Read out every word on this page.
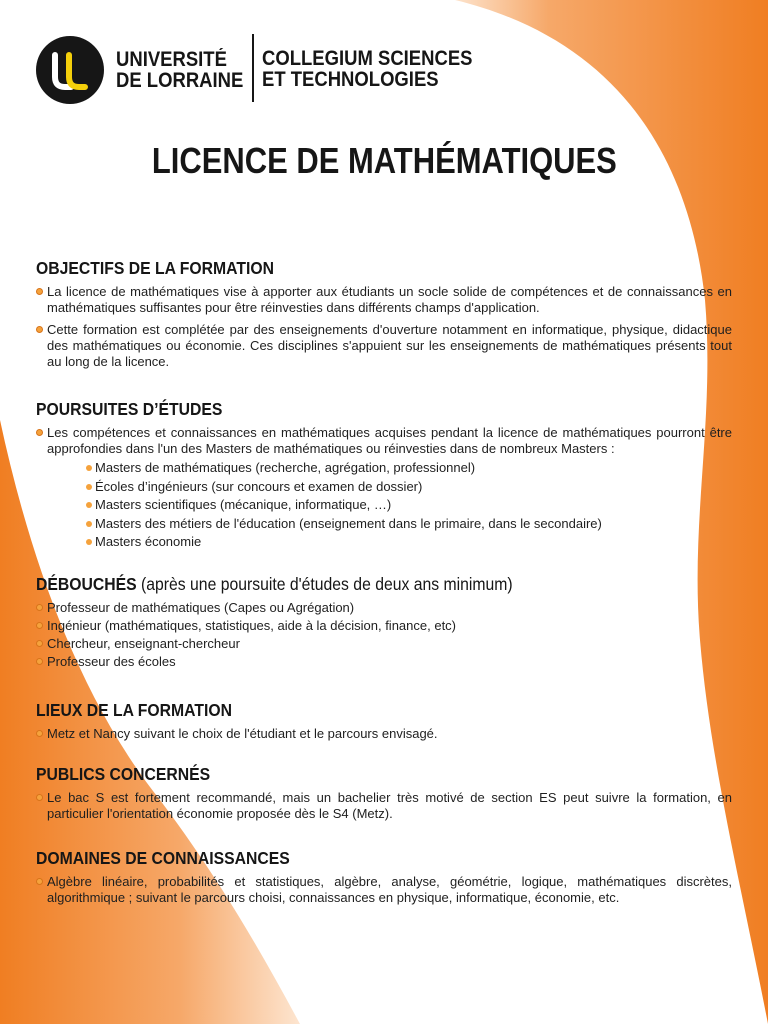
UNIVERSITÉ
DE LORRAINE
COLLEGIUM SCIENCES
ET TECHNOLOGIES
LICENCE DE MATHÉMATIQUES
OBJECTIFS DE LA FORMATION
La licence de mathématiques vise à apporter aux étudiants un socle solide de compétences et de connaissances en mathématiques suffisantes pour être réinvesties dans différents champs d'application.
Cette formation est complétée par des enseignements d'ouverture notamment en informatique, physique, didactique des mathématiques ou économie. Ces disciplines s'appuient sur les enseignements de mathématiques présents tout au long de la licence.
POURSUITES D’ÉTUDES
Les compétences et connaissances en mathématiques acquises pendant la licence de mathématiques pourront être approfondies dans l'un des Masters de mathématiques ou réinvesties dans de nombreux Masters :
Masters de mathématiques (recherche, agrégation, professionnel)
Écoles d’ingénieurs (sur concours et examen de dossier)
Masters scientifiques (mécanique, informatique, …)
Masters des métiers de l'éducation (enseignement dans le primaire, dans le secondaire)
Masters économie
DÉBOUCHÉS (après une poursuite d'études de deux ans minimum)
Professeur de mathématiques (Capes ou Agrégation)
Ingénieur (mathématiques, statistiques, aide à la décision, finance, etc)
Chercheur, enseignant-chercheur
Professeur des écoles
LIEUX DE LA FORMATION
Metz et Nancy suivant le choix de l'étudiant et le parcours envisagé.
PUBLICS CONCERNÉS
Le bac S est fortement recommandé, mais un bachelier très motivé de section ES peut suivre la formation, en particulier l'orientation économie proposée dès le S4 (Metz).
DOMAINES DE CONNAISSANCES
Algèbre linéaire, probabilités et statistiques, algèbre, analyse, géométrie, logique, mathématiques discrètes, algorithmique ; suivant le parcours choisi, connaissances en physique, informatique, économie, etc.
